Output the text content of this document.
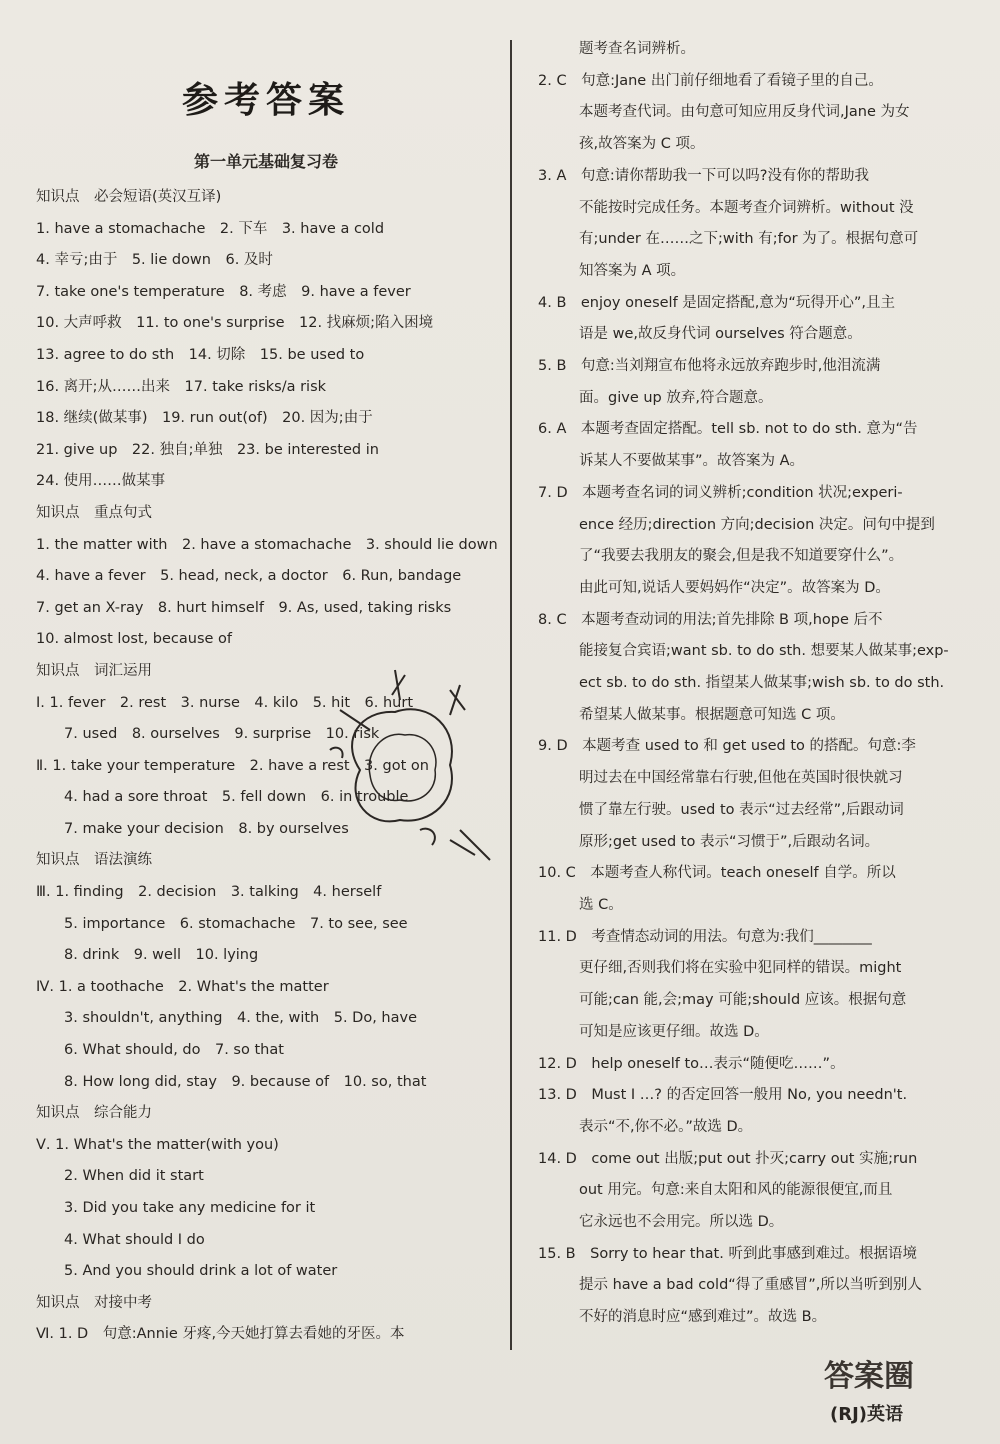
参考答案
第一单元基础复习卷
知识点　必会短语(英汉互译)
1. have a stomachache　2. 下车　3. have a cold
4. 幸亏;由于　5. lie down　6. 及时
7. take one's temperature　8. 考虑　9. have a fever
10. 大声呼救　11. to one's surprise　12. 找麻烦;陷入困境
13. agree to do sth　14. 切除　15. be used to
16. 离开;从……出来　17. take risks/a risk
18. 继续(做某事)　19. run out(of)　20. 因为;由于
21. give up　22. 独自;单独　23. be interested in
24. 使用……做某事
知识点　重点句式
1. the matter with　2. have a stomachache　3. should lie down
4. have a fever　5. head, neck, a doctor　6. Run, bandage
7. get an X-ray　8. hurt himself　9. As, used, taking risks
10. almost lost, because of
知识点　词汇运用
Ⅰ. 1. fever　2. rest　3. nurse　4. kilo　5. hit　6. hurt
7. used　8. ourselves　9. surprise　10. risk
Ⅱ. 1. take your temperature　2. have a rest　3. got on
4. had a sore throat　5. fell down　6. in trouble
7. make your decision　8. by ourselves
知识点　语法演练
Ⅲ. 1. finding　2. decision　3. talking　4. herself
5. importance　6. stomachache　7. to see, see
8. drink　9. well　10. lying
Ⅳ. 1. a toothache　2. What's the matter
3. shouldn't, anything　4. the, with　5. Do, have
6. What should, do　7. so that
8. How long did, stay　9. because of　10. so, that
知识点　综合能力
Ⅴ. 1. What's the matter(with you)
2. When did it start
3. Did you take any medicine for it
4. What should I do
5. And you should drink a lot of water
知识点　对接中考
Ⅵ. 1. D　句意:Annie 牙疼,今天她打算去看她的牙医。本
题考查名词辨析。
2. C　句意:Jane 出门前仔细地看了看镜子里的自己。
本题考查代词。由句意可知应用反身代词,Jane 为女
孩,故答案为 C 项。
3. A　句意:请你帮助我一下可以吗?没有你的帮助我
不能按时完成任务。本题考查介词辨析。without 没
有;under 在……之下;with 有;for 为了。根据句意可
知答案为 A 项。
4. B　enjoy oneself 是固定搭配,意为“玩得开心”,且主
语是 we,故反身代词 ourselves 符合题意。
5. B　句意:当刘翔宣布他将永远放弃跑步时,他泪流满
面。give up 放弃,符合题意。
6. A　本题考查固定搭配。tell sb. not to do sth. 意为“告
诉某人不要做某事”。故答案为 A。
7. D　本题考查名词的词义辨析;condition 状况;experi-
ence 经历;direction 方向;decision 决定。问句中提到
了“我要去我朋友的聚会,但是我不知道要穿什么”。
由此可知,说话人要妈妈作“决定”。故答案为 D。
8. C　本题考查动词的用法;首先排除 B 项,hope 后不
能接复合宾语;want sb. to do sth. 想要某人做某事;exp-
ect sb. to do sth. 指望某人做某事;wish sb. to do sth.
希望某人做某事。根据题意可知选 C 项。
9. D　本题考查 used to 和 get used to 的搭配。句意:李
明过去在中国经常靠右行驶,但他在英国时很快就习
惯了靠左行驶。used to 表示“过去经常”,后跟动词
原形;get used to 表示“习惯于”,后跟动名词。
10. C　本题考查人称代词。teach oneself 自学。所以
选 C。
11. D　考查情态动词的用法。句意为:我们________
更仔细,否则我们将在实验中犯同样的错误。might
可能;can 能,会;may 可能;should 应该。根据句意
可知是应该更仔细。故选 D。
12. D　help oneself to…表示“随便吃……”。
13. D　Must I …? 的否定回答一般用 No, you needn't.
表示“不,你不必。”故选 D。
14. D　come out 出版;put out 扑灭;carry out 实施;run
out 用完。句意:来自太阳和风的能源很便宜,而且
它永远也不会用完。所以选 D。
15. B　Sorry to hear that. 听到此事感到难过。根据语境
提示 have a bad cold“得了重感冒”,所以当听到别人
不好的消息时应“感到难过”。故选 B。
答案圈
(RJ)英语
